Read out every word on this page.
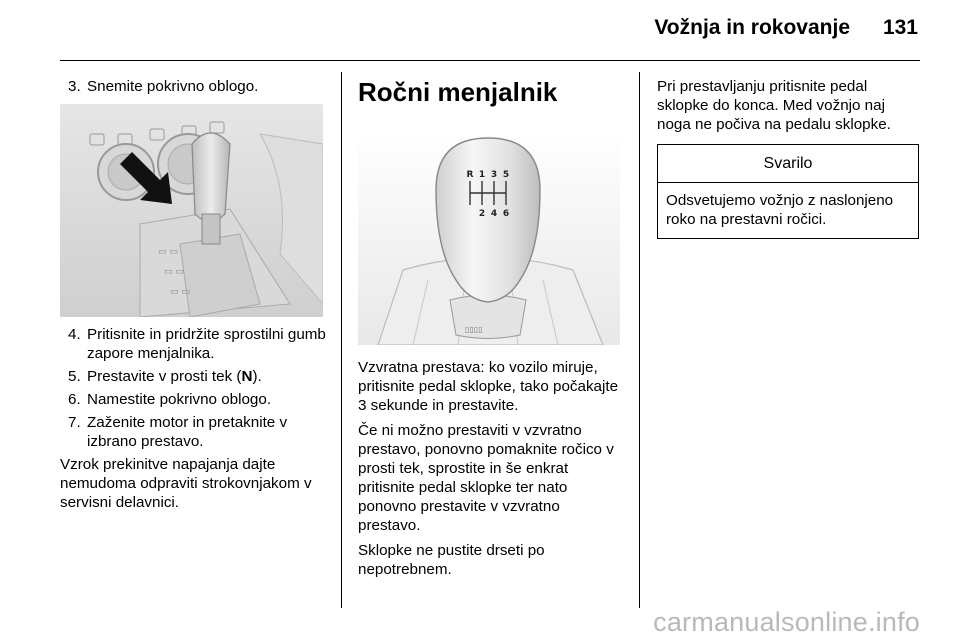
Vožnja in rokovanje 131

3. Snemite pokrivno oblogo.

▭ ▭
▭ ▭
▭ ▭

4. Pritisnite in pridržite sprostilni gumb zapore menjalnika.

5. Prestavite v prosti tek (N).

6. Namestite pokrivno oblogo.

7. Zaženite motor in pretaknite v izbrano prestavo.

Vzrok prekinitve napajanja dajte nemudoma odpraviti strokovnjakom v servisni delavnici.

Ročni menjalnik
▯▯▯▯
R 1 3 5
2 4 6

Vzvratna prestava: ko vozilo miruje, pritisnite pedal sklopke, tako počakajte 3 sekunde in prestavite.

Če ni možno prestaviti v vzvratno prestavo, ponovno pomaknite ročico v prosti tek, sprostite in še enkrat pritisnite pedal sklopke ter nato ponovno prestavite v vzvratno prestavo.

Sklopke ne pustite drseti po nepotrebnem.

Pri prestavljanju pritisnite pedal sklopke do konca. Med vožnjo naj noga ne počiva na pedalu sklopke.

Svarilo
Odsvetujemo vožnjo z naslonjeno roko na prestavni ročici.
carmanualsonline.info
